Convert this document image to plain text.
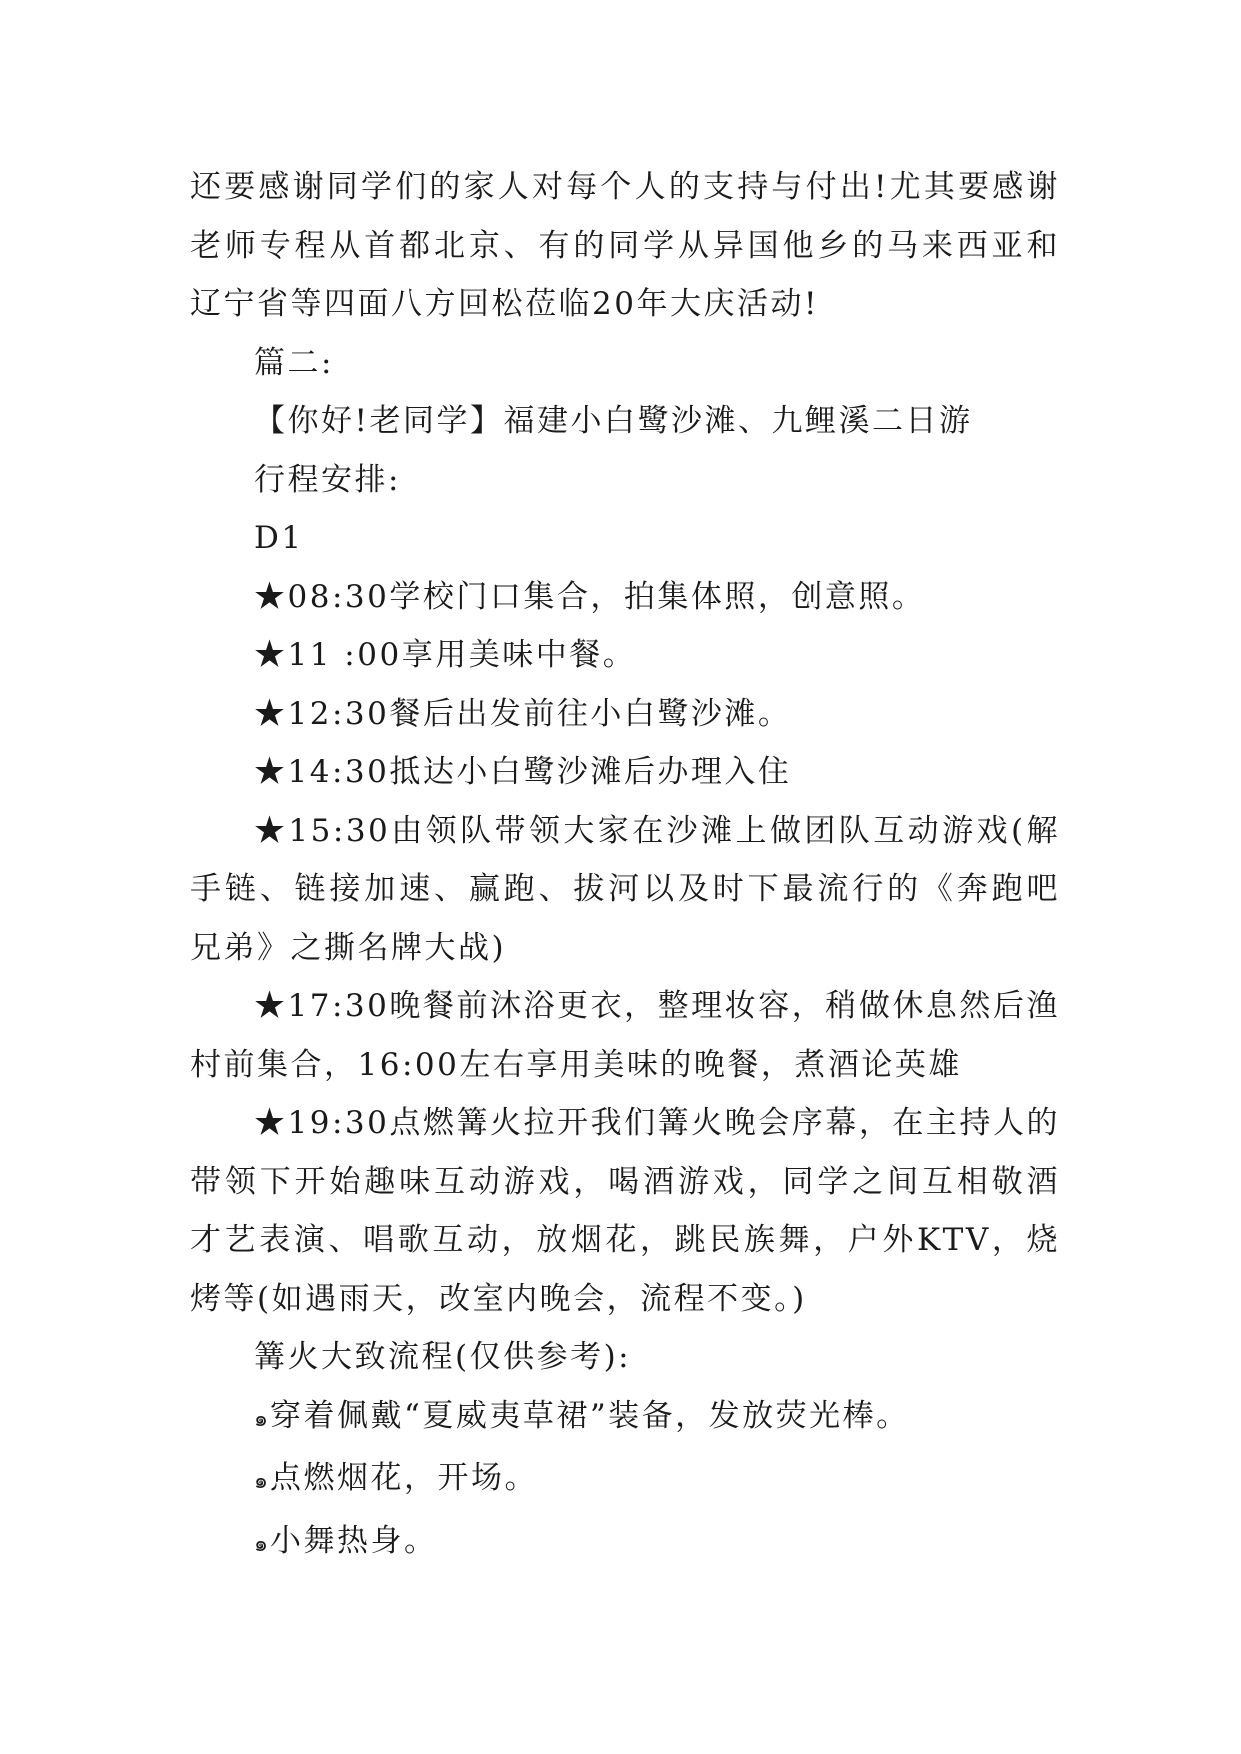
还要感谢同学们的家人对每个人的支持与付出!尤其要感谢老师专程从首都北京、有的同学从异国他乡的马来西亚和辽宁省等四面八方回松莅临20年大庆活动!

篇二:

【你好!老同学】福建小白鹭沙滩、九鲤溪二日游

行程安排:

D1

★08:30学校门口集合，拍集体照，创意照。

★11 :00享用美味中餐。

★12:30餐后出发前往小白鹭沙滩。

★14:30抵达小白鹭沙滩后办理入住

★15:30由领队带领大家在沙滩上做团队互动游戏(解手链、链接加速、赢跑、拔河以及时下最流行的《奔跑吧兄弟》之撕名牌大战)

★17:30晚餐前沐浴更衣，整理妆容，稍做休息然后渔村前集合，16:00左右享用美味的晚餐，煮酒论英雄

★19:30点燃篝火拉开我们篝火晚会序幕，在主持人的带领下开始趣味互动游戏，喝酒游戏，同学之间互相敬酒才艺表演、唱歌互动，放烟花，跳民族舞，户外KTV，烧烤等(如遇雨天，改室内晚会，流程不变。)

篝火大致流程(仅供参考):

๑穿着佩戴“夏威夷草裙”装备，发放荧光棒。

๑点燃烟花，开场。

๑小舞热身。
